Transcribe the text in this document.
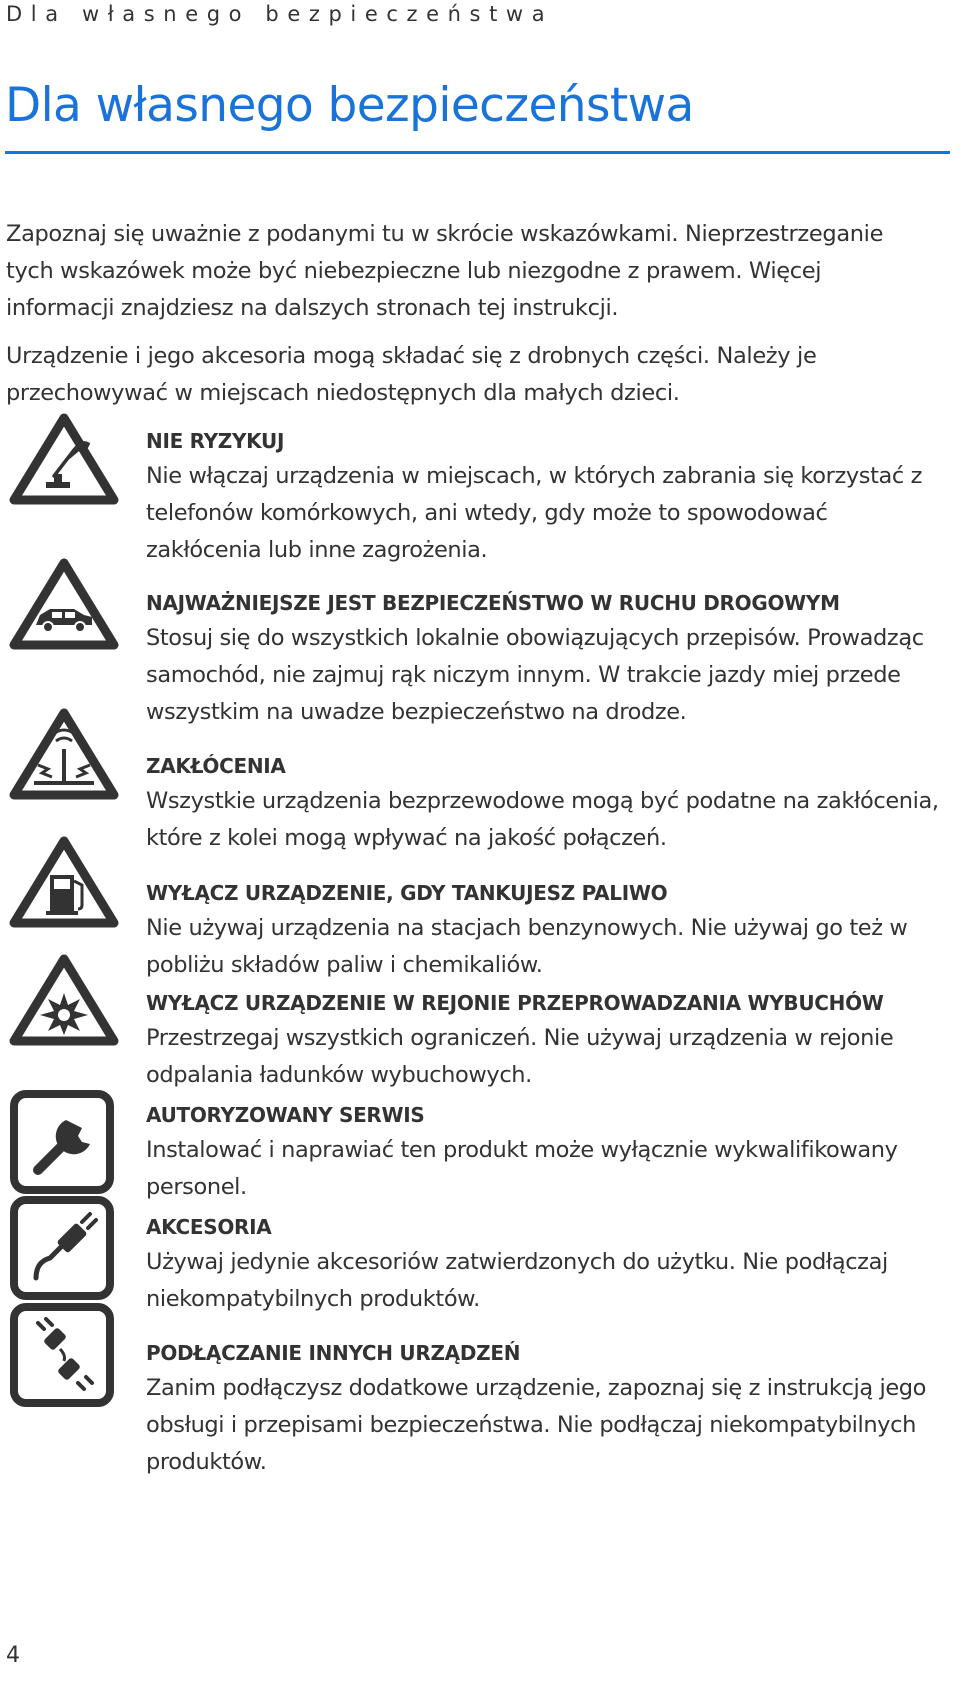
Dla własnego bezpieczeństwa
Dla własnego bezpieczeństwa

Zapoznaj się uważnie z podanymi tu w skrócie wskazówkami. Nieprzestrzeganie tych wskazówek może być niebezpieczne lub niezgodne z prawem. Więcej informacji znajdziesz na dalszych stronach tej instrukcji.

Urządzenie i jego akcesoria mogą składać się z drobnych części. Należy je przechowywać w miejscach niedostępnych dla małych dzieci.

NIE RYZYKUJ
Nie włączaj urządzenia w miejscach, w których zabrania się korzystać z telefonów komórkowych, ani wtedy, gdy może to spowodować zakłócenia lub inne zagrożenia.
NAJWAŻNIEJSZE JEST BEZPIECZEŃSTWO W RUCHU DROGOWYM
Stosuj się do wszystkich lokalnie obowiązujących przepisów. Prowadząc samochód, nie zajmuj rąk niczym innym. W trakcie jazdy miej przede wszystkim na uwadze bezpieczeństwo na drodze.
ZAKŁÓCENIA
Wszystkie urządzenia bezprzewodowe mogą być podatne na zakłócenia, które z kolei mogą wpływać na jakość połączeń.
WYŁĄCZ URZĄDZENIE, GDY TANKUJESZ PALIWO
Nie używaj urządzenia na stacjach benzynowych. Nie używaj go też w pobliżu składów paliw i chemikaliów.
WYŁĄCZ URZĄDZENIE W REJONIE PRZEPROWADZANIA WYBUCHÓW
Przestrzegaj wszystkich ograniczeń. Nie używaj urządzenia w rejonie odpalania ładunków wybuchowych.
AUTORYZOWANY SERWIS
Instalować i naprawiać ten produkt może wyłącznie wykwalifikowany personel.
AKCESORIA
Używaj jedynie akcesoriów zatwierdzonych do użytku. Nie podłączaj niekompatybilnych produktów.
PODŁĄCZANIE INNYCH URZĄDZEŃ
Zanim podłączysz dodatkowe urządzenie, zapoznaj się z instrukcją jego obsługi i przepisami bezpieczeństwa. Nie podłączaj niekompatybilnych produktów.
4
